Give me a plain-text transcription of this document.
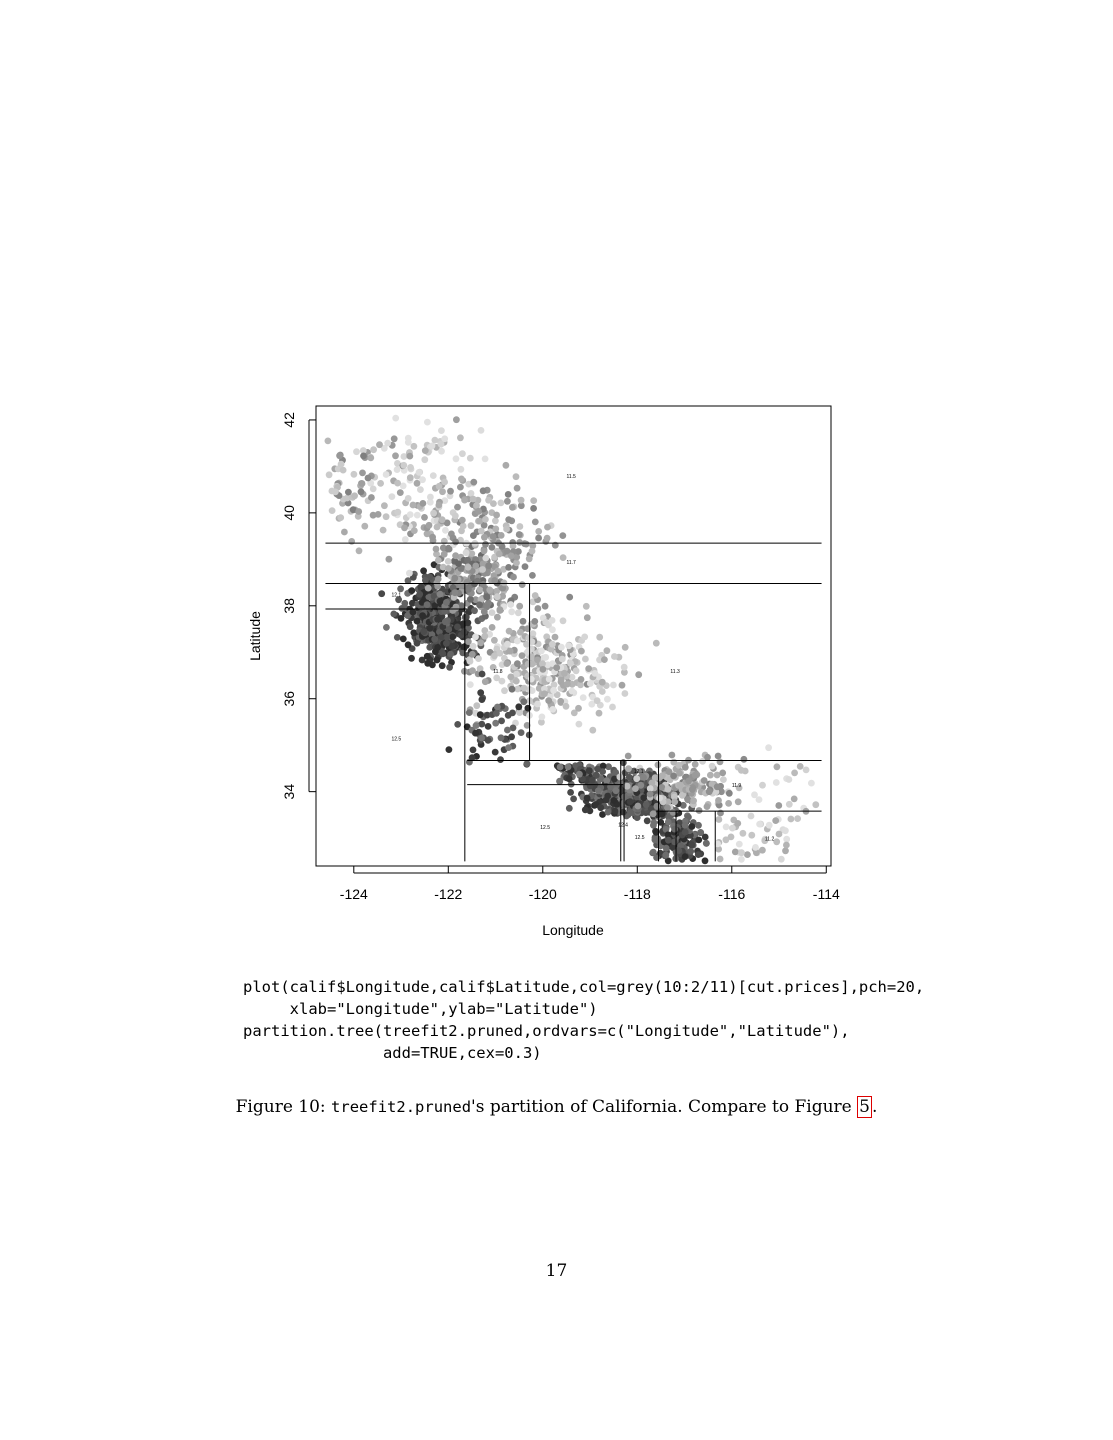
11.5
11.7
12.1
11.8	11.3
12.5
12.5	12.4
12.5
12.1
11.9
11.2
-124	-122	-120	-118	-116	-114
34
36
38
40
42
Longitude
Latitude
plot(calif$Longitude,calif$Latitude,col=grey(10:2/11)[cut.prices],pch=20,
xlab="Longitude",ylab="Latitude")
partition.tree(treefit2.pruned,ordvars=c("Longitude","Latitude"),
add=TRUE,cex=0.3)
Figure 10: treefit2.pruned's partition of California. Compare to Figure 5 .
17
